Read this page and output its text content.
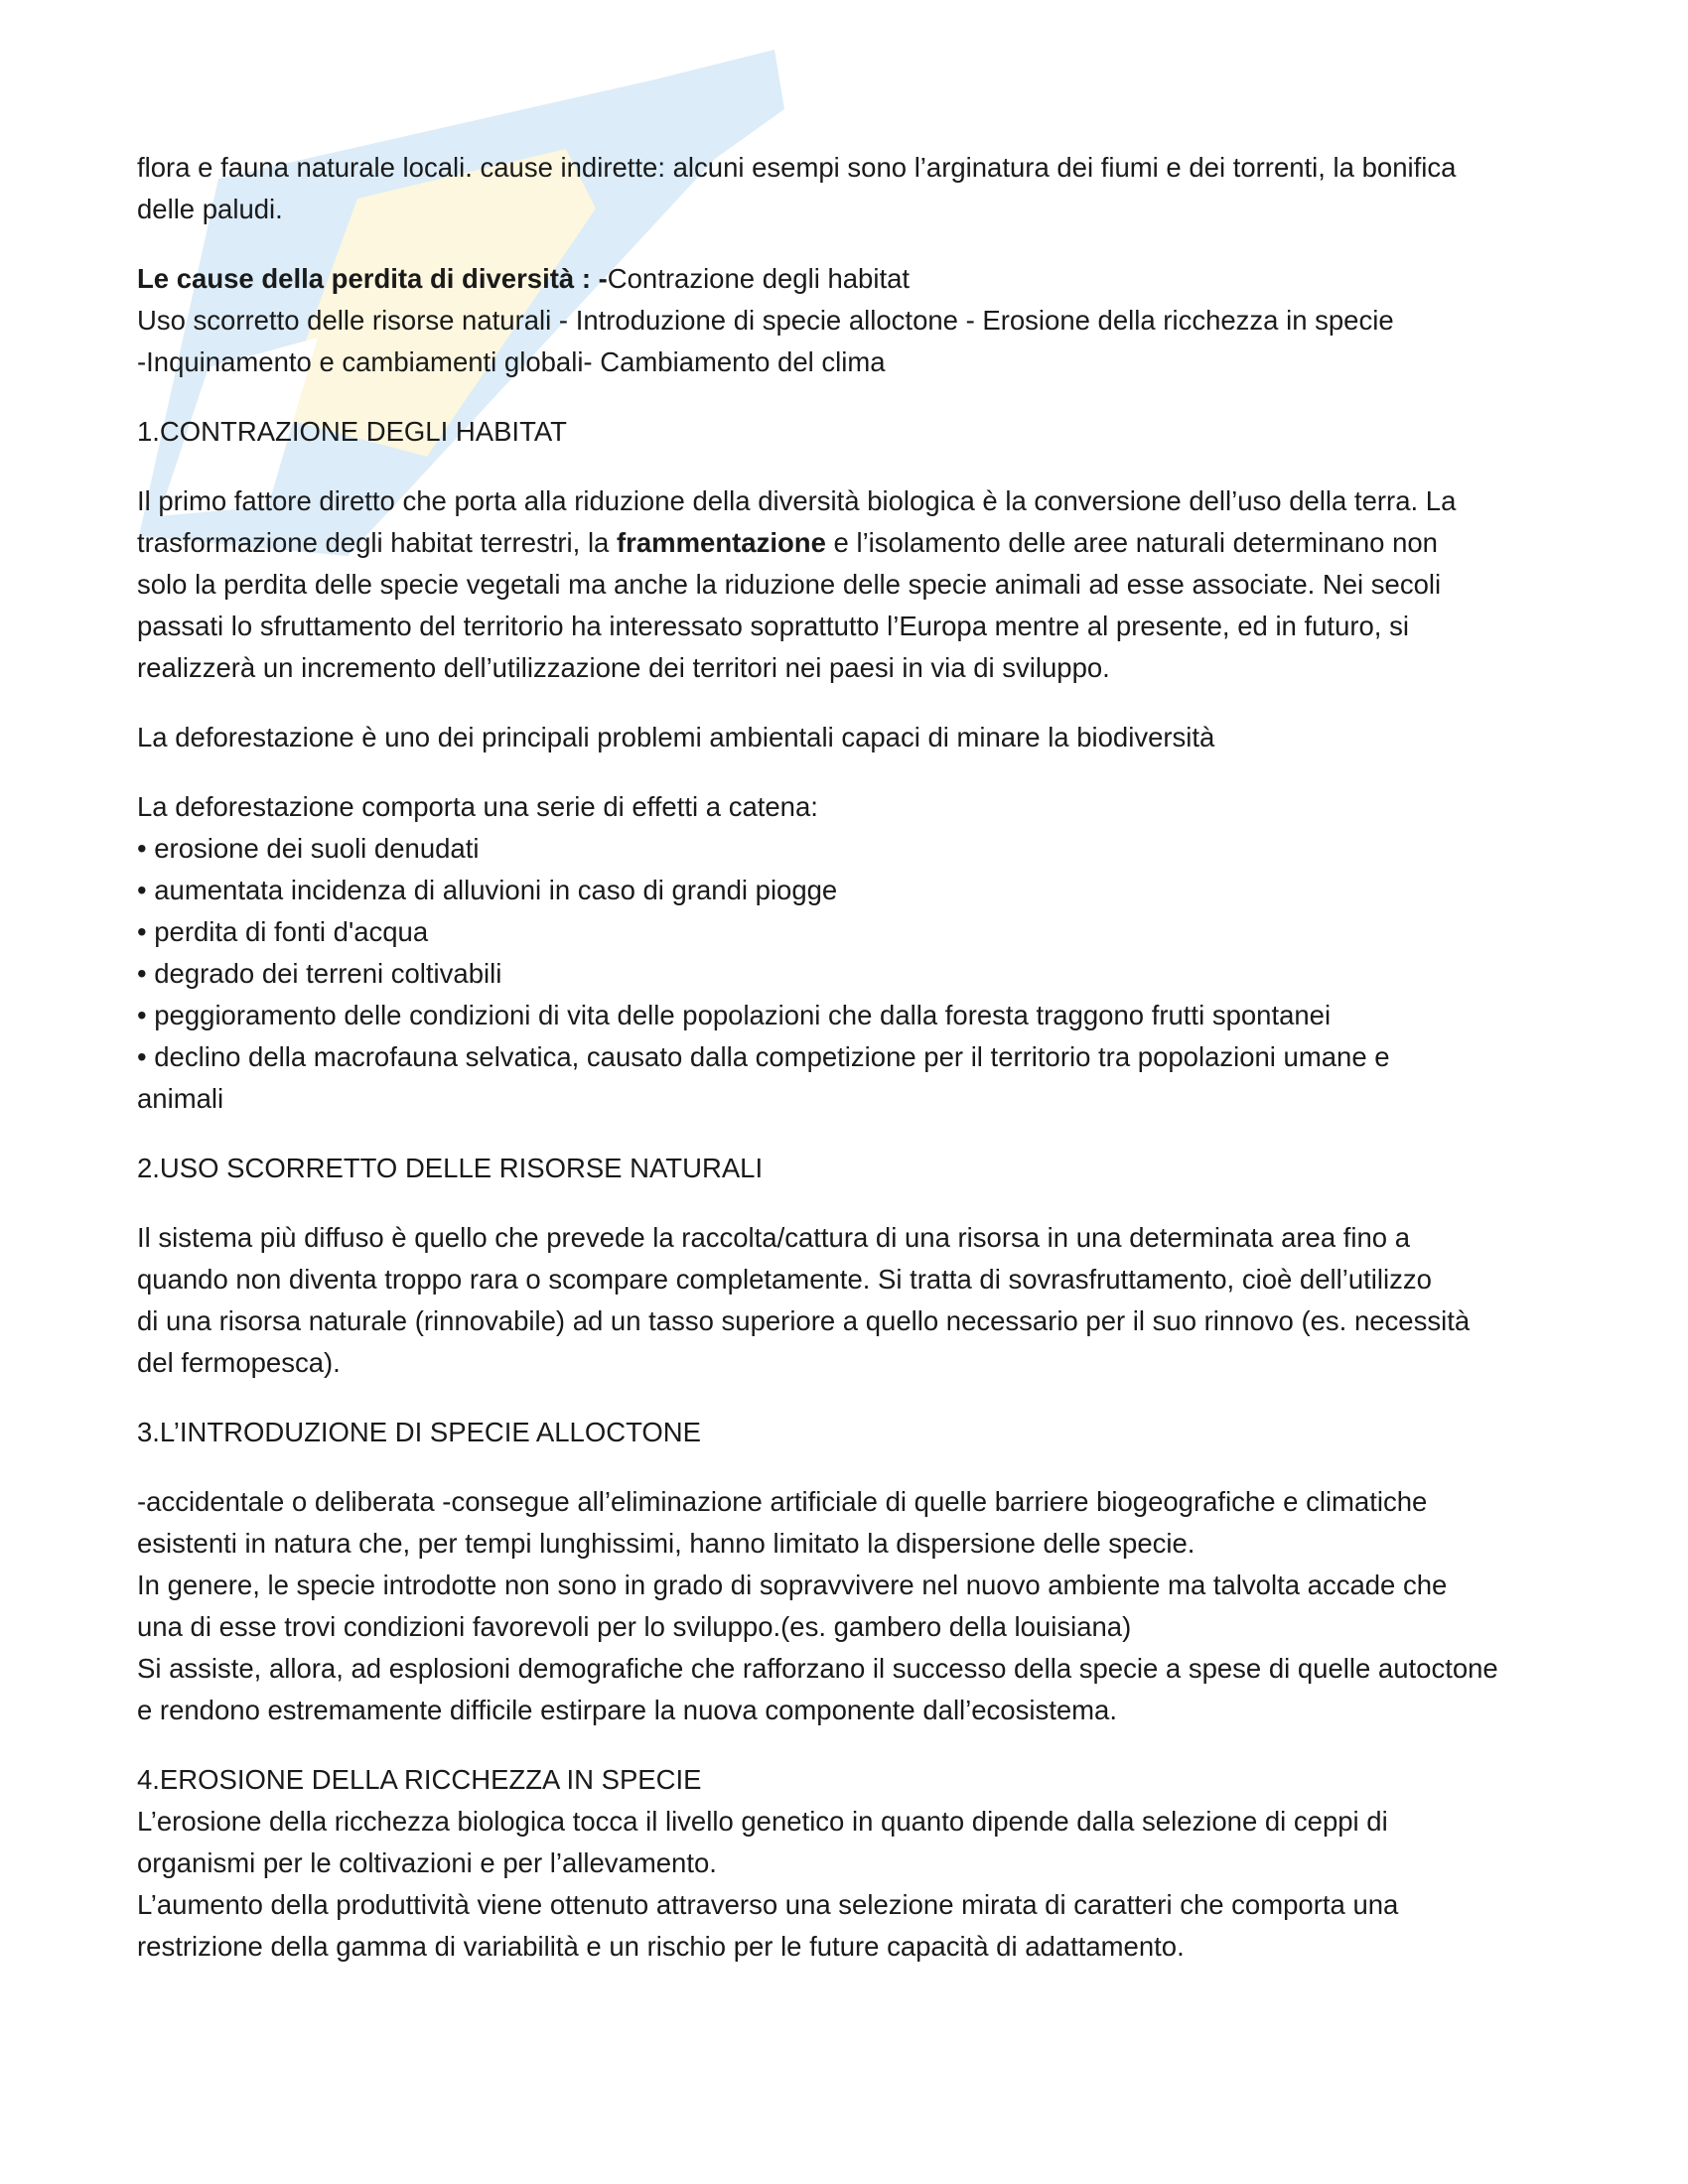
flora e fauna naturale locali. cause indirette: alcuni esempi sono l’arginatura dei fiumi e dei torrenti, la bonifica
delle paludi.
Le cause della perdita di diversità : -Contrazione degli habitat
Uso scorretto delle risorse naturali - Introduzione di specie alloctone - Erosione della ricchezza in specie
-Inquinamento e cambiamenti globali- Cambiamento del clima
1.CONTRAZIONE DEGLI HABITAT
Il primo fattore diretto che porta alla riduzione della diversità biologica è la conversione dell’uso della terra. La
trasformazione degli habitat terrestri, la frammentazione e l’isolamento delle aree naturali determinano non
solo la perdita delle specie vegetali ma anche la riduzione delle specie animali ad esse associate. Nei secoli
passati lo sfruttamento del territorio ha interessato soprattutto l’Europa mentre al presente, ed in futuro, si
realizzerà un incremento dell’utilizzazione dei territori nei paesi in via di sviluppo.
La deforestazione è uno dei principali problemi ambientali capaci di minare la biodiversità
La deforestazione comporta una serie di effetti a catena:
• erosione dei suoli denudati
• aumentata incidenza di alluvioni in caso di grandi piogge
• perdita di fonti d'acqua
• degrado dei terreni coltivabili
• peggioramento delle condizioni di vita delle popolazioni che dalla foresta traggono frutti spontanei
• declino della macrofauna selvatica, causato dalla competizione per il territorio tra popolazioni umane e
animali
2.USO SCORRETTO DELLE RISORSE NATURALI
Il sistema più diffuso è quello che prevede la raccolta/cattura di una risorsa in una determinata area fino a
quando non diventa troppo rara o scompare completamente. Si tratta di sovrasfruttamento, cioè dell’utilizzo
di una risorsa naturale (rinnovabile) ad un tasso superiore a quello necessario per il suo rinnovo (es. necessità
del fermopesca).
3.L’INTRODUZIONE DI SPECIE ALLOCTONE
-accidentale o deliberata -consegue all’eliminazione artificiale di quelle barriere biogeografiche e climatiche
esistenti in natura che, per tempi lunghissimi, hanno limitato la dispersione delle specie.
In genere, le specie introdotte non sono in grado di sopravvivere nel nuovo ambiente ma talvolta accade che
una di esse trovi condizioni favorevoli per lo sviluppo.(es. gambero della louisiana)
Si assiste, allora, ad esplosioni demografiche che rafforzano il successo della specie a spese di quelle autoctone
e rendono estremamente difficile estirpare la nuova componente dall’ecosistema.
4.EROSIONE DELLA RICCHEZZA IN SPECIE
L’erosione della ricchezza biologica tocca il livello genetico in quanto dipende dalla selezione di ceppi di
organismi per le coltivazioni e per l’allevamento.
L’aumento della produttività viene ottenuto attraverso una selezione mirata di caratteri che comporta una
restrizione della gamma di variabilità e un rischio per le future capacità di adattamento.
